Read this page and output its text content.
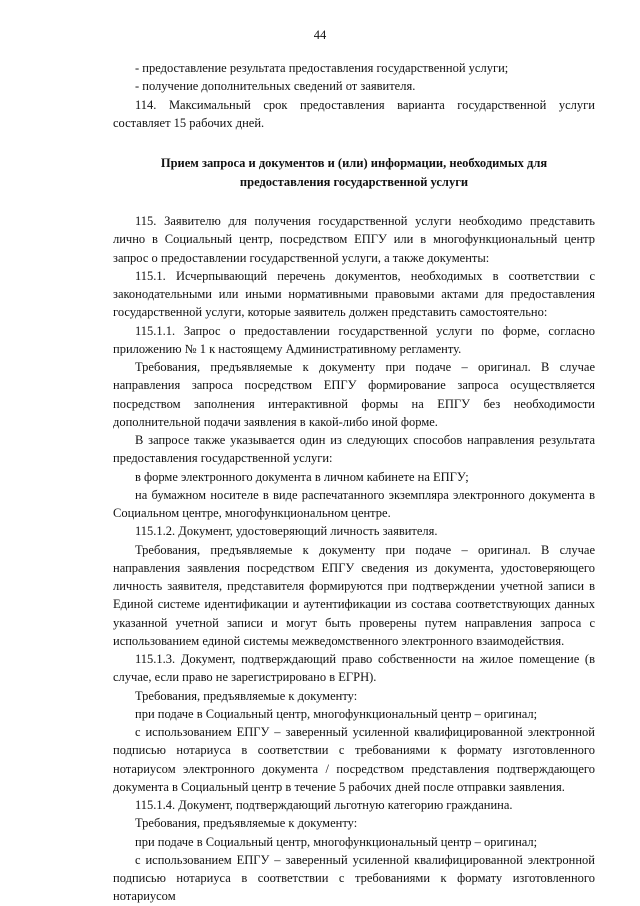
44

- предоставление результата предоставления государственной услуги;

- получение дополнительных сведений от заявителя.

114. Максимальный срок предоставления варианта государственной услуги составляет 15 рабочих дней.

Прием запроса и документов и (или) информации, необходимых для
предоставления государственной услуги

115. Заявителю для получения государственной услуги необходимо представить лично в Социальный центр, посредством ЕПГУ или в многофункциональный центр запрос о предоставлении государственной услуги, а также документы:

115.1. Исчерпывающий перечень документов, необходимых в соответствии с законодательными или иными нормативными правовыми актами для предоставления государственной услуги, которые заявитель должен представить самостоятельно:

115.1.1. Запрос о предоставлении государственной услуги по форме, согласно приложению № 1 к настоящему Административному регламенту.

Требования, предъявляемые к документу при подаче – оригинал. В случае направления запроса посредством ЕПГУ формирование запроса осуществляется посредством заполнения интерактивной формы на ЕПГУ без необходимости дополнительной подачи заявления в какой-либо иной форме.

В запросе также указывается один из следующих способов направления результата предоставления государственной услуги:

в форме электронного документа в личном кабинете на ЕПГУ;

на бумажном носителе в виде распечатанного экземпляра электронного документа в Социальном центре, многофункциональном центре.

115.1.2. Документ, удостоверяющий личность заявителя.

Требования, предъявляемые к документу при подаче – оригинал. В случае направления заявления посредством ЕПГУ сведения из документа, удостоверяющего личность заявителя, представителя формируются при подтверждении учетной записи в Единой системе идентификации и аутентификации из состава соответствующих данных указанной учетной записи и могут быть проверены путем направления запроса с использованием единой системы межведомственного электронного взаимодействия.

115.1.3. Документ, подтверждающий право собственности на жилое помещение (в случае, если право не зарегистрировано в ЕГРН).

Требования, предъявляемые к документу:

при подаче в Социальный центр, многофункциональный центр – оригинал;

с использованием ЕПГУ – заверенный усиленной квалифицированной электронной подписью нотариуса в соответствии с требованиями к формату изготовленного нотариусом электронного документа / посредством представления подтверждающего документа в Социальный центр в течение 5 рабочих дней после отправки заявления.

115.1.4. Документ, подтверждающий льготную категорию гражданина.

Требования, предъявляемые к документу:

при подаче в Социальный центр, многофункциональный центр – оригинал;

с использованием ЕПГУ – заверенный усиленной квалифицированной электронной подписью нотариуса в соответствии с требованиями к формату изготовленного нотариусом
